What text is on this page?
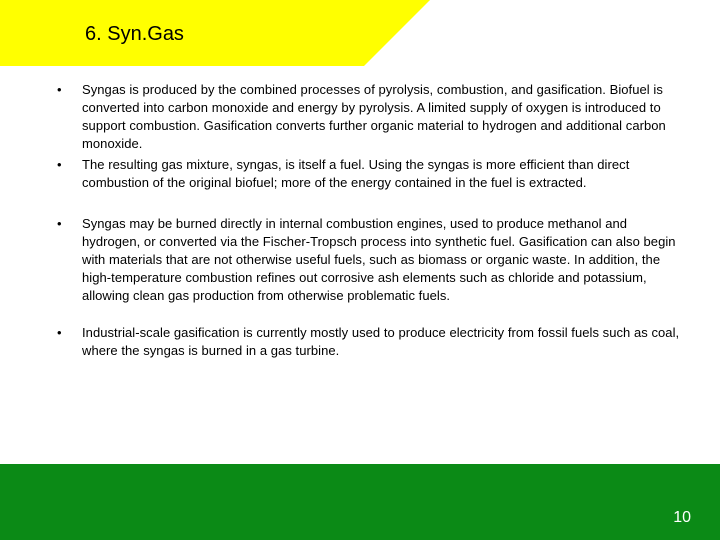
6. Syn.Gas
• Syngas is produced by the combined processes of pyrolysis, combustion, and gasification. Biofuel is converted into carbon monoxide and energy by pyrolysis. A limited supply of oxygen is introduced to support combustion. Gasification converts further organic material to hydrogen and additional carbon monoxide.
• The resulting gas mixture, syngas, is itself a fuel. Using the syngas is more efficient than direct combustion of the original biofuel; more of the energy contained in the fuel is extracted.
• Syngas may be burned directly in internal combustion engines, used to produce methanol and hydrogen, or converted via the Fischer-Tropsch process into synthetic fuel. Gasification can also begin with materials that are not otherwise useful fuels, such as biomass or organic waste. In addition, the high-temperature combustion refines out corrosive ash elements such as chloride and potassium, allowing clean gas production from otherwise problematic fuels.
• Industrial-scale gasification is currently mostly used to produce electricity from fossil fuels such as coal, where the syngas is burned in a gas turbine.
10
